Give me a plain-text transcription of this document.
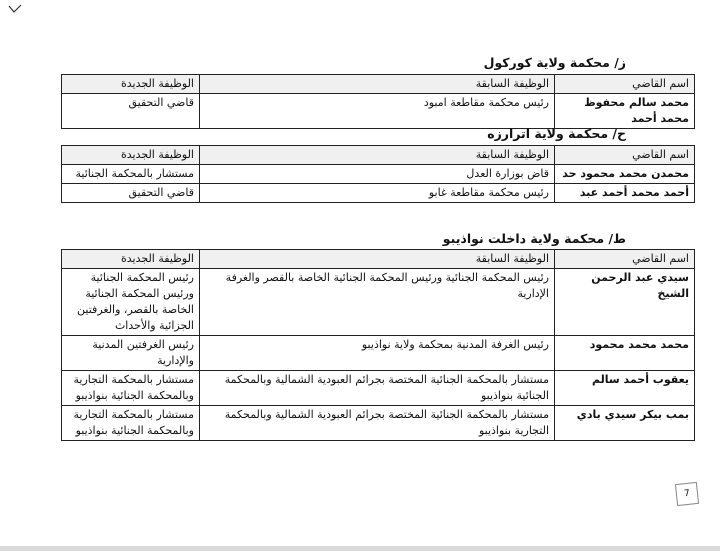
ز/ محكمة ولاية كوركول
اسم القاضي	الوظيفة السابقة	الوظيفة الجديدة
محمد سالم محفوظ محمد أحمد	رئيس محكمة مقاطعة امبود	قاضي التحقيق
ح/ محكمة ولاية اترارزه
اسم القاضي	الوظيفة السابقة	الوظيفة الجديدة
محمدن محمد محمود حد	قاض بوزارة العدل	مستشار بالمحكمة الجنائية
أحمد محمد أحمد عبد	رئيس محكمة مقاطعة غابو	قاضي التحقيق
ط/ محكمة ولاية داخلت نواذيبو
اسم القاضي	الوظيفة السابقة	الوظيفة الجديدة
سيدي عبد الرحمن الشيخ	رئيس المحكمة الجنائية ورئيس المحكمة الجنائية الخاصة بالقصر والغرفة الإدارية	رئيس المحكمة الجنائية ورئيس المحكمة الجنائية الخاصة بالقصر، والغرفتين الجزائية والأحداث
محمد محمد محمود	رئيس الغرفة المدنية بمحكمة ولاية نواذيبو	رئيس الغرفتين المدنية والإدارية
يعقوب أحمد سالم	مستشار بالمحكمة الجنائية المختصة بجرائم العبودية الشمالية وبالمحكمة الجنائية بنواذيبو	مستشار بالمحكمة التجارية وبالمحكمة الجنائية بنواذيبو
بمب بيكر سيدي بادي	مستشار بالمحكمة الجنائية المختصة بجرائم العبودية الشمالية وبالمحكمة التجارية بنواذيبو	مستشار بالمحكمة التجارية وبالمحكمة الجنائية بنواذيبو
7
